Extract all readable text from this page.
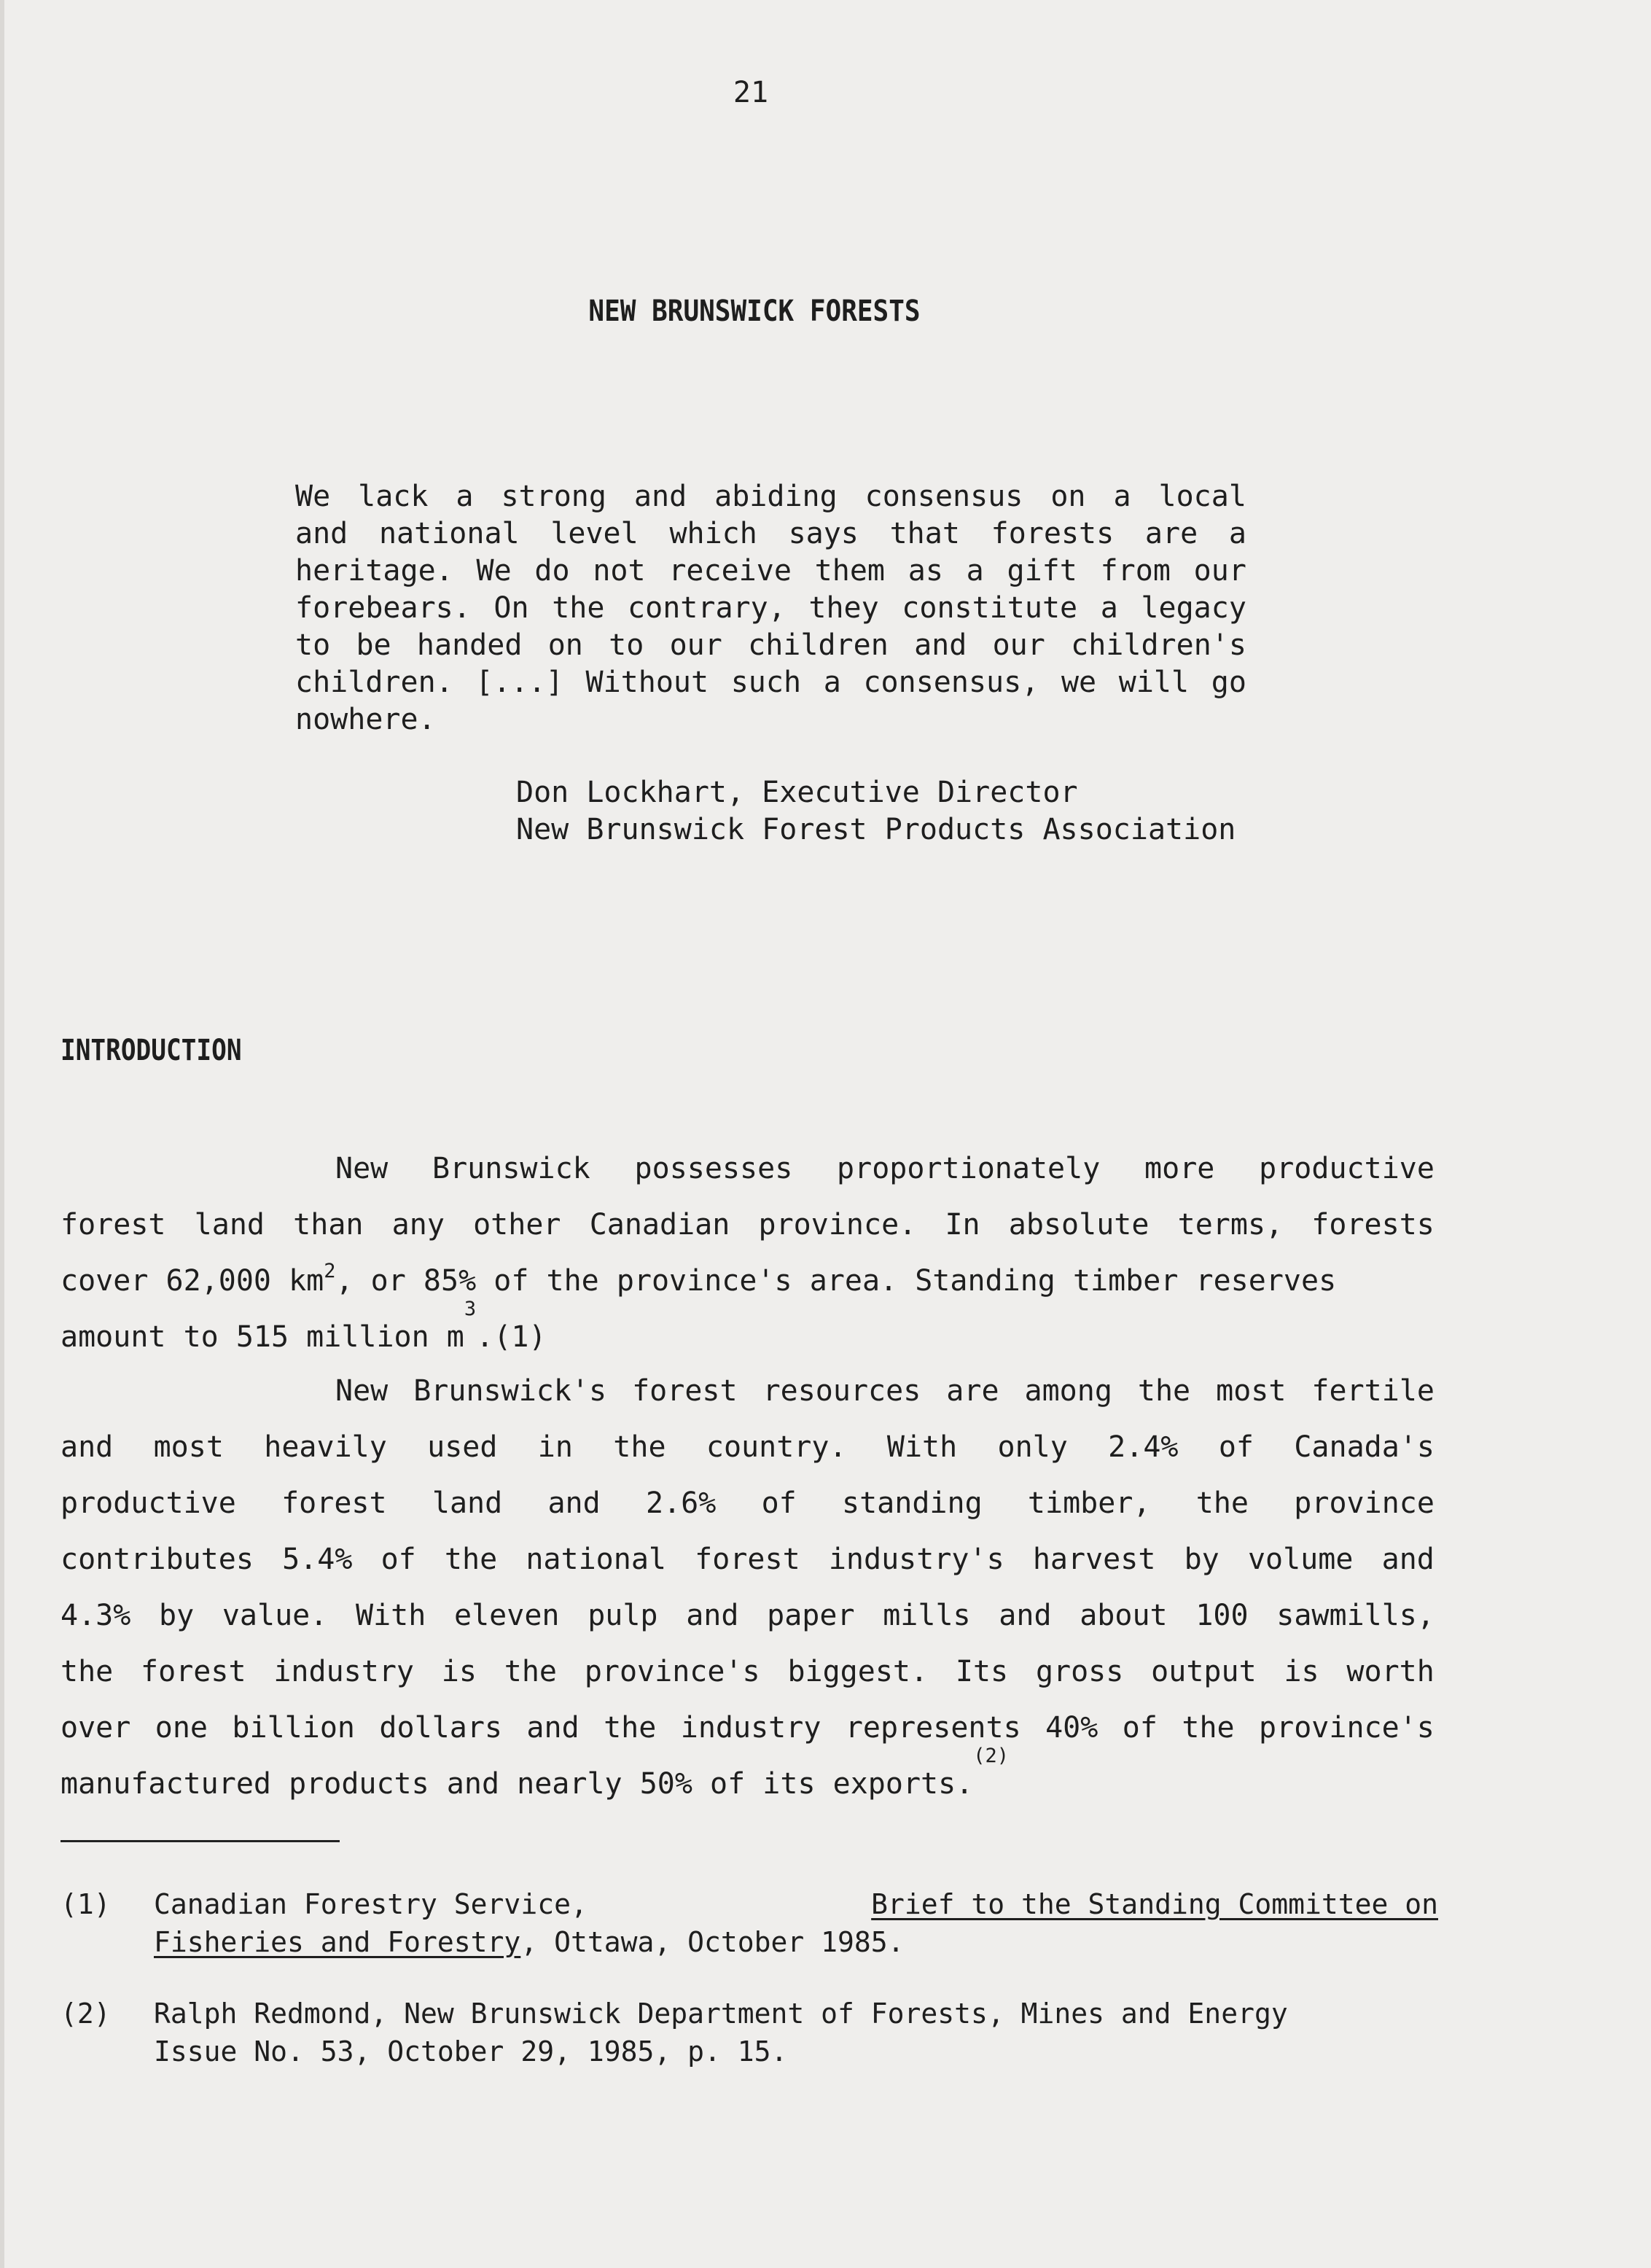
21
NEW BRUNSWICK FORESTS
We lack a strong and abiding consensus on a local
and national level which says that forests are a
heritage. We do not receive them as a gift from our
forebears. On the contrary, they constitute a legacy
to be handed on to our children and our children's
children. [...] Without such a consensus, we will go
nowhere.
Don Lockhart, Executive Director
New Brunswick Forest Products Association
INTRODUCTION
New Brunswick possesses proportionately more productive
forest land than any other Canadian province. In absolute terms, forests
cover 62,000 $km^2$, or 85% of the province's area. Standing timber reserves
amount to 515 million m
3
.(1)
New Brunswick's forest resources are among the most fertile
and most heavily used in the country. With only 2.4% of Canada's
productive forest land and 2.6% of standing timber, the province
contributes 5.4% of the national forest industry's harvest by volume and
4.3% by value. With eleven pulp and paper mills and about 100 sawmills,
the forest industry is the province's biggest. Its gross output is worth
over one billion dollars and the industry represents 40% of the province's
manufactured products and nearly 50% of its exports.
(2)
(1) Canadian Forestry Service,	Brief to the Standing Committee on
Fisheries and Forestry, Ottawa, October 1985.
(2) Ralph Redmond, New Brunswick Department of Forests, Mines and Energy
Issue No. 53, October 29, 1985, p. 15.
